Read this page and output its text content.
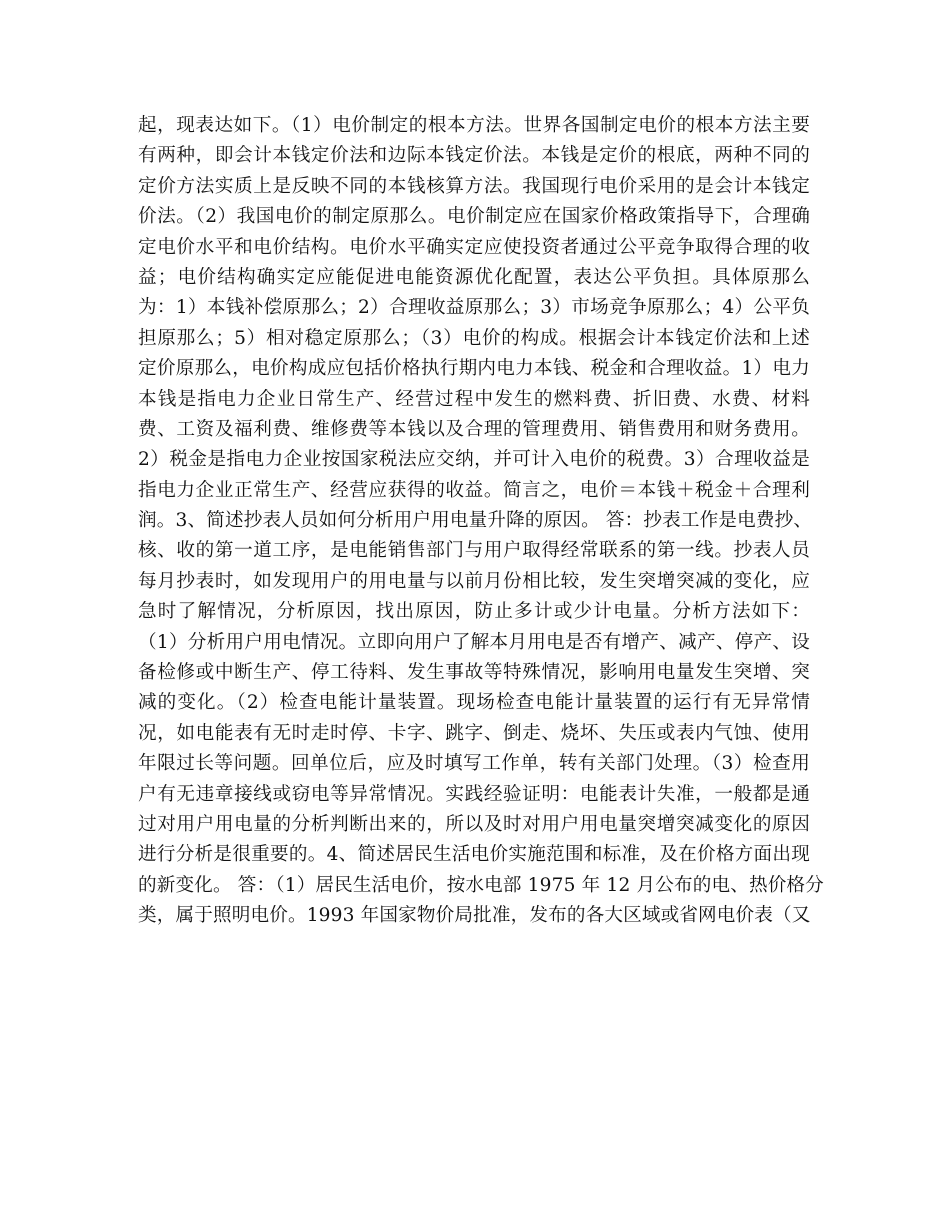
起，现表达如下。（1）电价制定的根本方法。世界各国制定电价的根本方法主要
有两种，即会计本钱定价法和边际本钱定价法。本钱是定价的根底，两种不同的
定价方法实质上是反映不同的本钱核算方法。我国现行电价采用的是会计本钱定
价法。（2）我国电价的制定原那么。电价制定应在国家价格政策指导下，合理确
定电价水平和电价结构。电价水平确实定应使投资者通过公平竞争取得合理的收
益；电价结构确实定应能促进电能资源优化配置，表达公平负担。具体原那么
为：1）本钱补偿原那么；2）合理收益原那么；3）市场竞争原那么；4）公平负
担原那么；5）相对稳定原那么；（3）电价的构成。根据会计本钱定价法和上述
定价原那么，电价构成应包括价格执行期内电力本钱、税金和合理收益。1）电力
本钱是指电力企业日常生产、经营过程中发生的燃料费、折旧费、水费、材料
费、工资及福利费、维修费等本钱以及合理的管理费用、销售费用和财务费用。
2）税金是指电力企业按国家税法应交纳，并可计入电价的税费。3）合理收益是
指电力企业正常生产、经营应获得的收益。简言之，电价＝本钱＋税金＋合理利
润。3、简述抄表人员如何分析用户用电量升降的原因。 答：抄表工作是电费抄、
核、收的第一道工序，是电能销售部门与用户取得经常联系的第一线。抄表人员
每月抄表时，如发现用户的用电量与以前月份相比较，发生突增突减的变化，应
急时了解情况，分析原因，找出原因，防止多计或少计电量。分析方法如下：
（1）分析用户用电情况。立即向用户了解本月用电是否有增产、减产、停产、设
备检修或中断生产、停工待料、发生事故等特殊情况，影响用电量发生突增、突
减的变化。（2）检查电能计量装置。现场检查电能计量装置的运行有无异常情
况，如电能表有无时走时停、卡字、跳字、倒走、烧坏、失压或表内气蚀、使用
年限过长等问题。回单位后，应及时填写工作单，转有关部门处理。（3）检查用
户有无违章接线或窃电等异常情况。实践经验证明：电能表计失准，一般都是通
过对用户用电量的分析判断出来的，所以及时对用户用电量突增突减变化的原因
进行分析是很重要的。4、简述居民生活电价实施范围和标准，及在价格方面出现
的新变化。 答：（1）居民生活电价，按水电部 1975 年 12 月公布的电、热价格分
类，属于照明电价。1993 年国家物价局批准，发布的各大区域或省网电价表（又
